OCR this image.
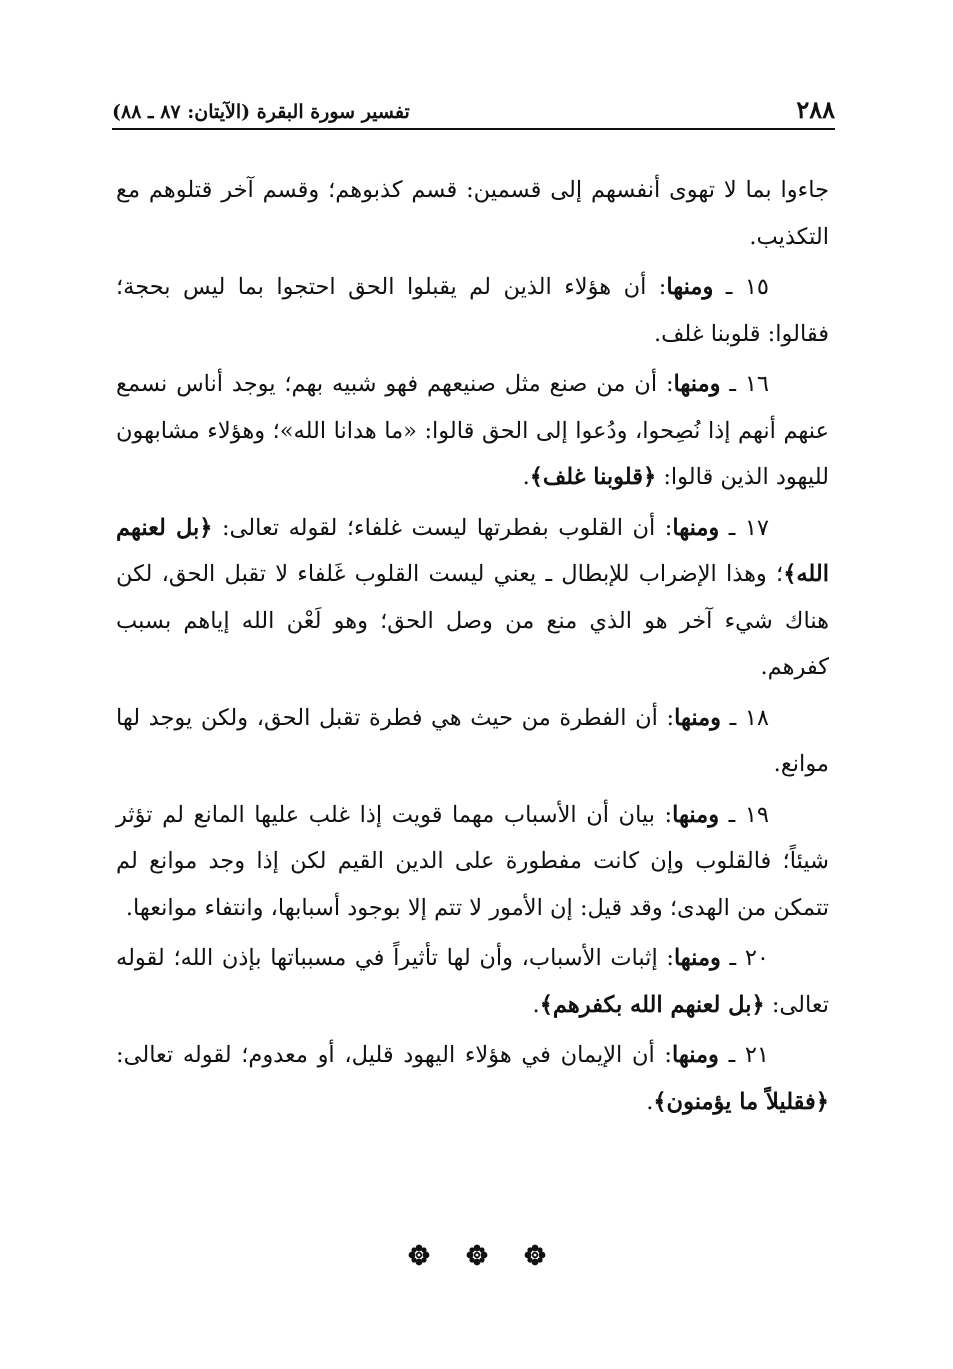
٢٨٨
تفسير سورة البقرة (الآيتان: ٨٧ ـ ٨٨)

جاءوا بما لا تهوى أنفسهم إلى قسمين: قسم كذبوهم؛ وقسم آخر قتلوهم مع التكذيب.

١٥ ـ ومنها: أن هؤلاء الذين لم يقبلوا الحق احتجوا بما ليس بحجة؛ فقالوا: قلوبنا غلف.

١٦ ـ ومنها: أن من صنع مثل صنيعهم فهو شبيه بهم؛ يوجد أناس نسمع عنهم أنهم إذا نُصِحوا، ودُعوا إلى الحق قالوا: «ما هدانا الله»؛ وهؤلاء مشابهون لليهود الذين قالوا: ﴿قلوبنا غلف﴾.

١٧ ـ ومنها: أن القلوب بفطرتها ليست غلفاء؛ لقوله تعالى: ﴿بل لعنهم الله﴾؛ وهذا الإضراب للإبطال ـ يعني ليست القلوب غَلفاء لا تقبل الحق، لكن هناك شيء آخر هو الذي منع من وصل الحق؛ وهو لَعْن الله إياهم بسبب كفرهم.

١٨ ـ ومنها: أن الفطرة من حيث هي فطرة تقبل الحق، ولكن يوجد لها موانع.

١٩ ـ ومنها: بيان أن الأسباب مهما قويت إذا غلب عليها المانع لم تؤثر شيئاً؛ فالقلوب وإن كانت مفطورة على الدين القيم لكن إذا وجد موانع لم تتمكن من الهدى؛ وقد قيل: إن الأمور لا تتم إلا بوجود أسبابها، وانتفاء موانعها.

٢٠ ـ ومنها: إثبات الأسباب، وأن لها تأثيراً في مسبباتها بإذن الله؛ لقوله تعالى: ﴿بل لعنهم الله بكفرهم﴾.

٢١ ـ ومنها: أن الإيمان في هؤلاء اليهود قليل، أو معدوم؛ لقوله تعالى: ﴿فقليلاً ما يؤمنون﴾.
